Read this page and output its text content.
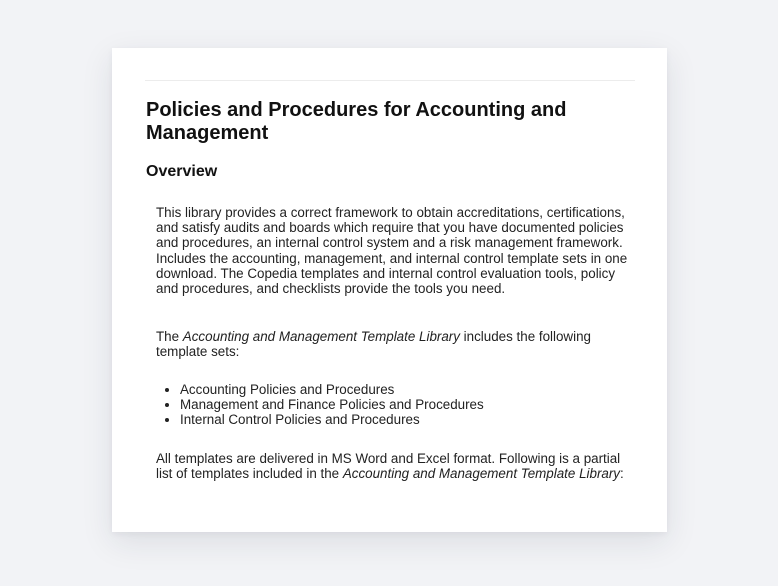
Policies and Procedures for Accounting and Management
Overview

This library provides a correct framework to obtain accreditations, certifications, and satisfy audits and boards which require that you have documented policies and procedures, an internal control system and a risk management framework. Includes the accounting, management, and internal control template sets in one download. The Copedia templates and internal control evaluation tools, policy and procedures, and checklists provide the tools you need.

The Accounting and Management Template Library includes the following template sets:

• Accounting Policies and Procedures
• Management and Finance Policies and Procedures
• Internal Control Policies and Procedures

All templates are delivered in MS Word and Excel format. Following is a partial list of templates included in the Accounting and Management Template Library:
